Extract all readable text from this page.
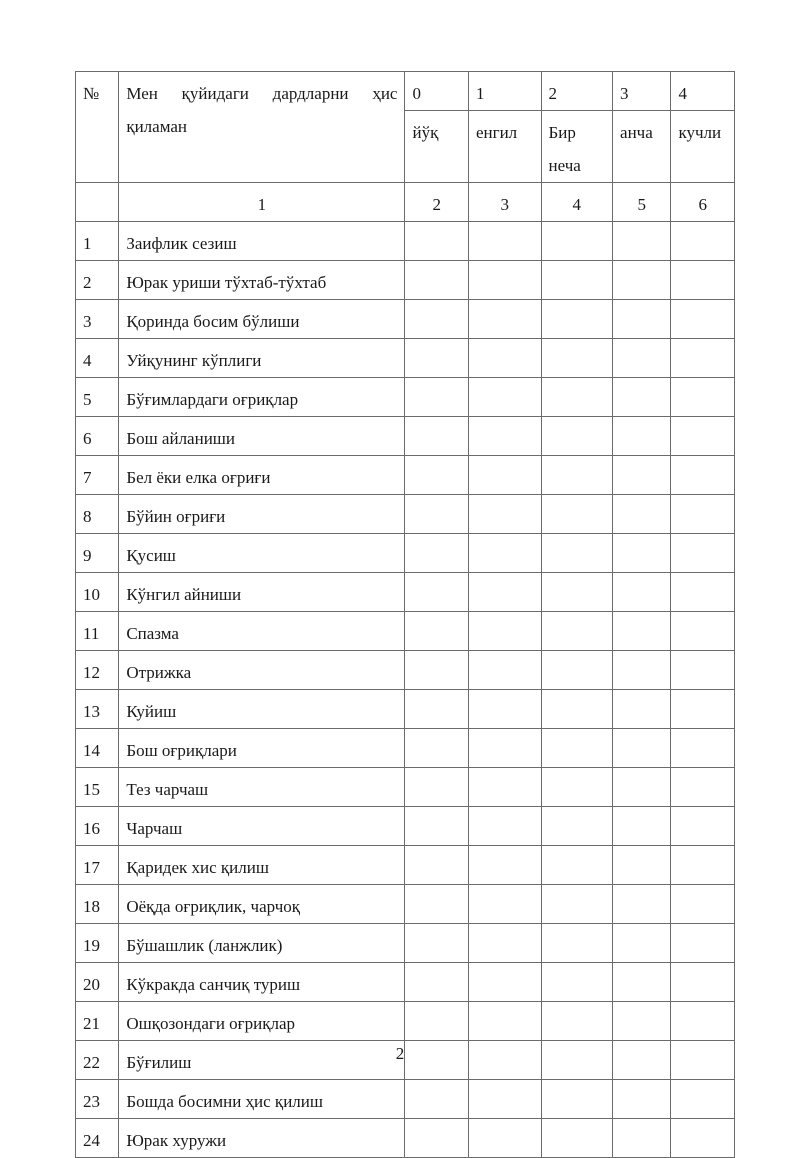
№	Мен қуйидаги дардларни ҳис қиламан	0	1	2	3	4
		йўқ	енгил	Бир неча	анча	кучли
	1	2	3	4	5	6
1	Заифлик сезиш					
2	Юрак уриши тўхтаб-тўхтаб					
3	Қоринда босим бўлиши					
4	Уйқунинг кўплиги					
5	Бўғимлардаги оғриқлар					
6	Бош айланиши					
7	Бел ёки елка оғриғи					
8	Бўйин оғриғи					
9	Қусиш					
10	Кўнгил айниши					
11	Спазма					
12	Отрижка					
13	Куйиш					
14	Бош оғриқлари					
15	Тез чарчаш					
16	Чарчаш					
17	Қаридек хис қилиш					
18	Оёқда оғриқлик, чарчоқ					
19	Бўшашлик (ланжлик)					
20	Кўкракда санчиқ туриш					
21	Ошқозондаги оғриқлар					
22	Бўғилиш					
23	Бошда босимни ҳис қилиш					
24	Юрак хуружи					
2
